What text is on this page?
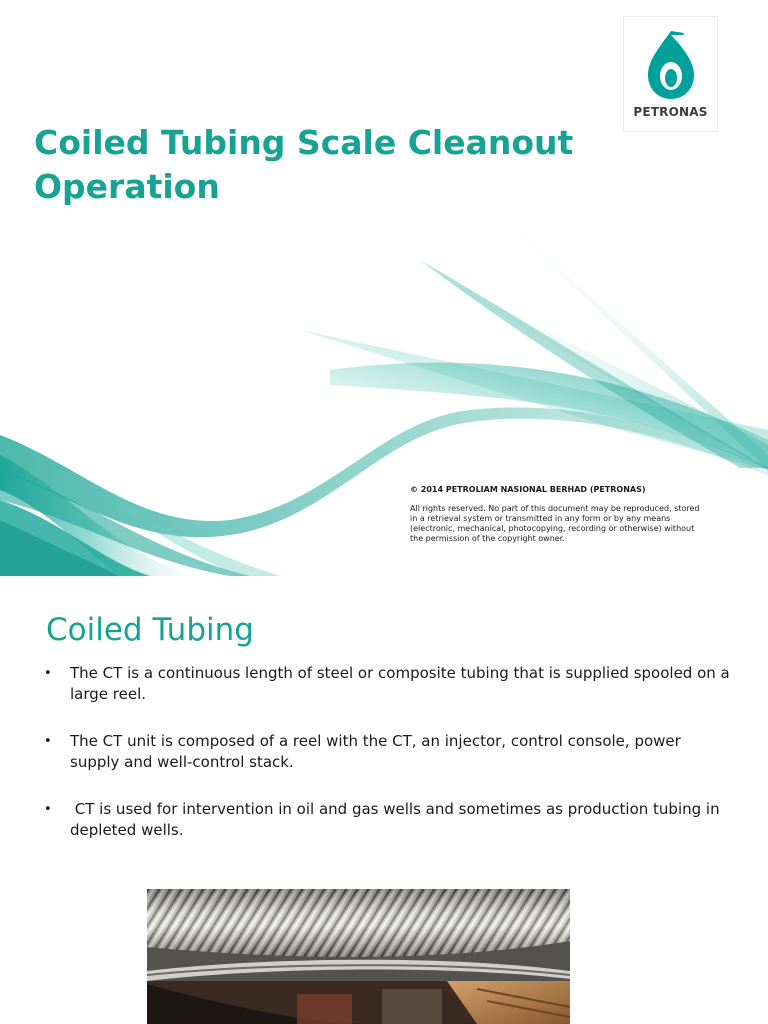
PETRONAS
Coiled Tubing Scale Cleanout Operation
© 2014 PETROLIAM NASIONAL BERHAD (PETRONAS)
All rights reserved. No part of this document may be reproduced, stored in a retrieval system or transmitted in any form or by any means (electronic, mechanical, photocopying, recording or otherwise) without the permission of the copyright owner.
Coiled Tubing
• The CT is a continuous length of steel or composite tubing that is supplied spooled on a large reel.
• The CT unit is composed of a reel with the CT, an injector, control console, power supply and well-control stack.
• CT is used for intervention in oil and gas wells and sometimes as production tubing in depleted wells.
